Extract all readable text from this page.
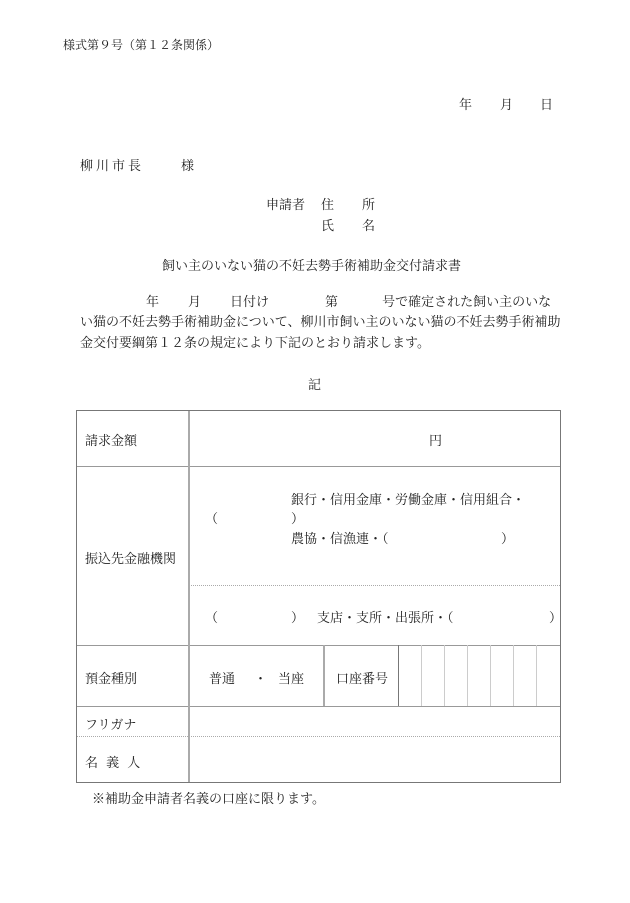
様式第９号（第１２条関係）
年 月 日
柳川市長	様
申請者 住 所
氏 名
飼い主のいない猫の不妊去勢手術補助金交付請求書
年 月 日付け	第	号で確定された飼い主のいな
い猫の不妊去勢手術補助金について、柳川市飼い主のいない猫の不妊去勢手術補助
金交付要綱第１２条の規定により下記のとおり請求します。
記
請求金額	円
振込先金融機関
（
銀行・信用金庫・労働金庫・信用組合・
）
農協・信漁連・（	）
（	） 支店・支所・出張所・（	）
預金種別	普通 ・ 当座 口座番号
フリガナ
名 義 人
※補助金申請者名義の口座に限ります。
